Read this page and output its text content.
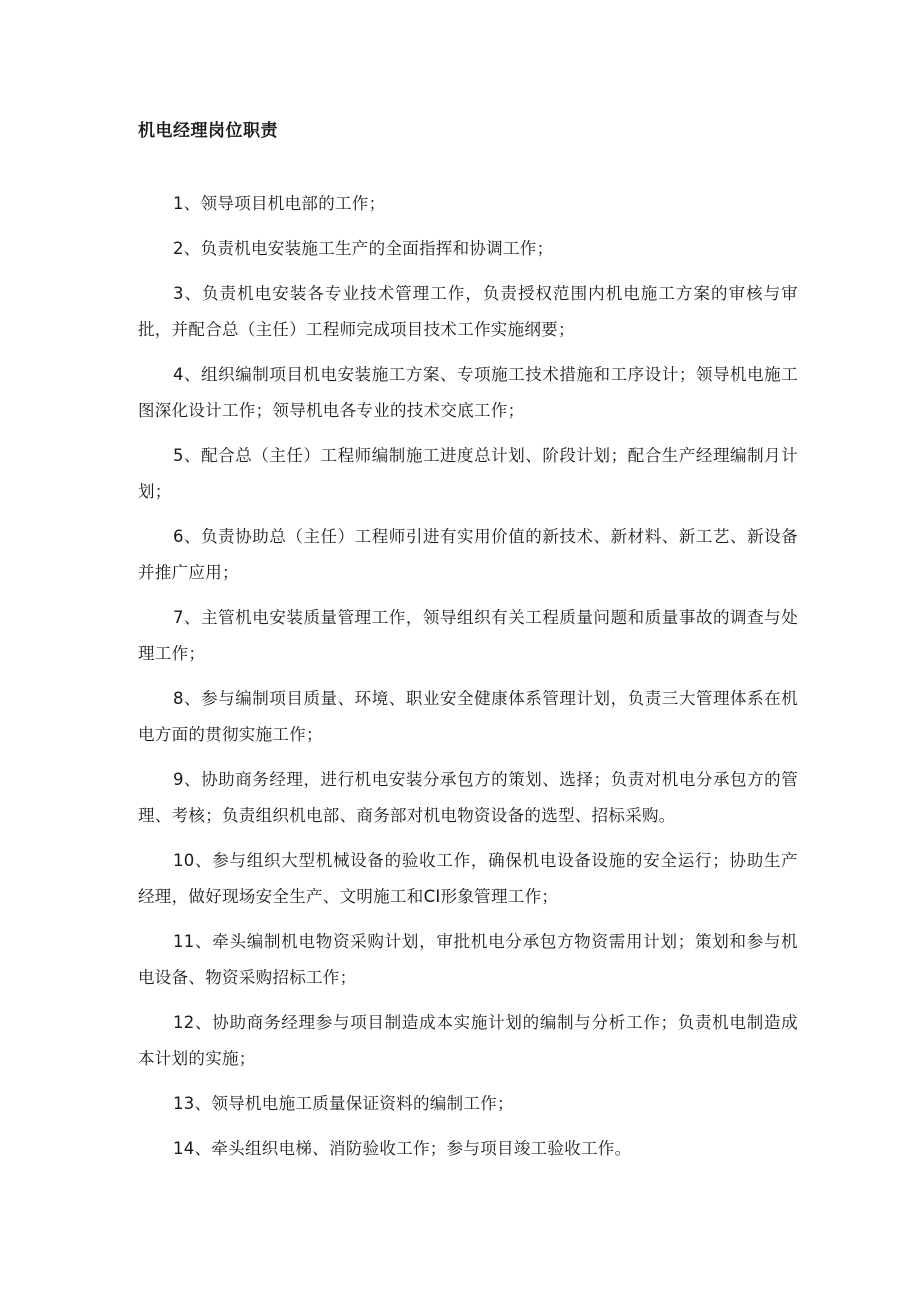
机电经理岗位职责
1、领导项目机电部的工作；
2、负责机电安装施工生产的全面指挥和协调工作；
3、负责机电安装各专业技术管理工作，负责授权范围内机电施工方案的审核与审批，并配合总（主任）工程师完成项目技术工作实施纲要；
4、组织编制项目机电安装施工方案、专项施工技术措施和工序设计；领导机电施工图深化设计工作；领导机电各专业的技术交底工作；
5、配合总（主任）工程师编制施工进度总计划、阶段计划；配合生产经理编制月计划；
6、负责协助总（主任）工程师引进有实用价值的新技术、新材料、新工艺、新设备并推广应用；
7、主管机电安装质量管理工作，领导组织有关工程质量问题和质量事故的调查与处理工作；
8、参与编制项目质量、环境、职业安全健康体系管理计划，负责三大管理体系在机电方面的贯彻实施工作；
9、协助商务经理，进行机电安装分承包方的策划、选择；负责对机电分承包方的管理、考核；负责组织机电部、商务部对机电物资设备的选型、招标采购。
10、参与组织大型机械设备的验收工作，确保机电设备设施的安全运行；协助生产经理，做好现场安全生产、文明施工和CI形象管理工作；
11、牵头编制机电物资采购计划，审批机电分承包方物资需用计划；策划和参与机电设备、物资采购招标工作；
12、协助商务经理参与项目制造成本实施计划的编制与分析工作；负责机电制造成本计划的实施；
13、领导机电施工质量保证资料的编制工作；
14、牵头组织电梯、消防验收工作；参与项目竣工验收工作。
